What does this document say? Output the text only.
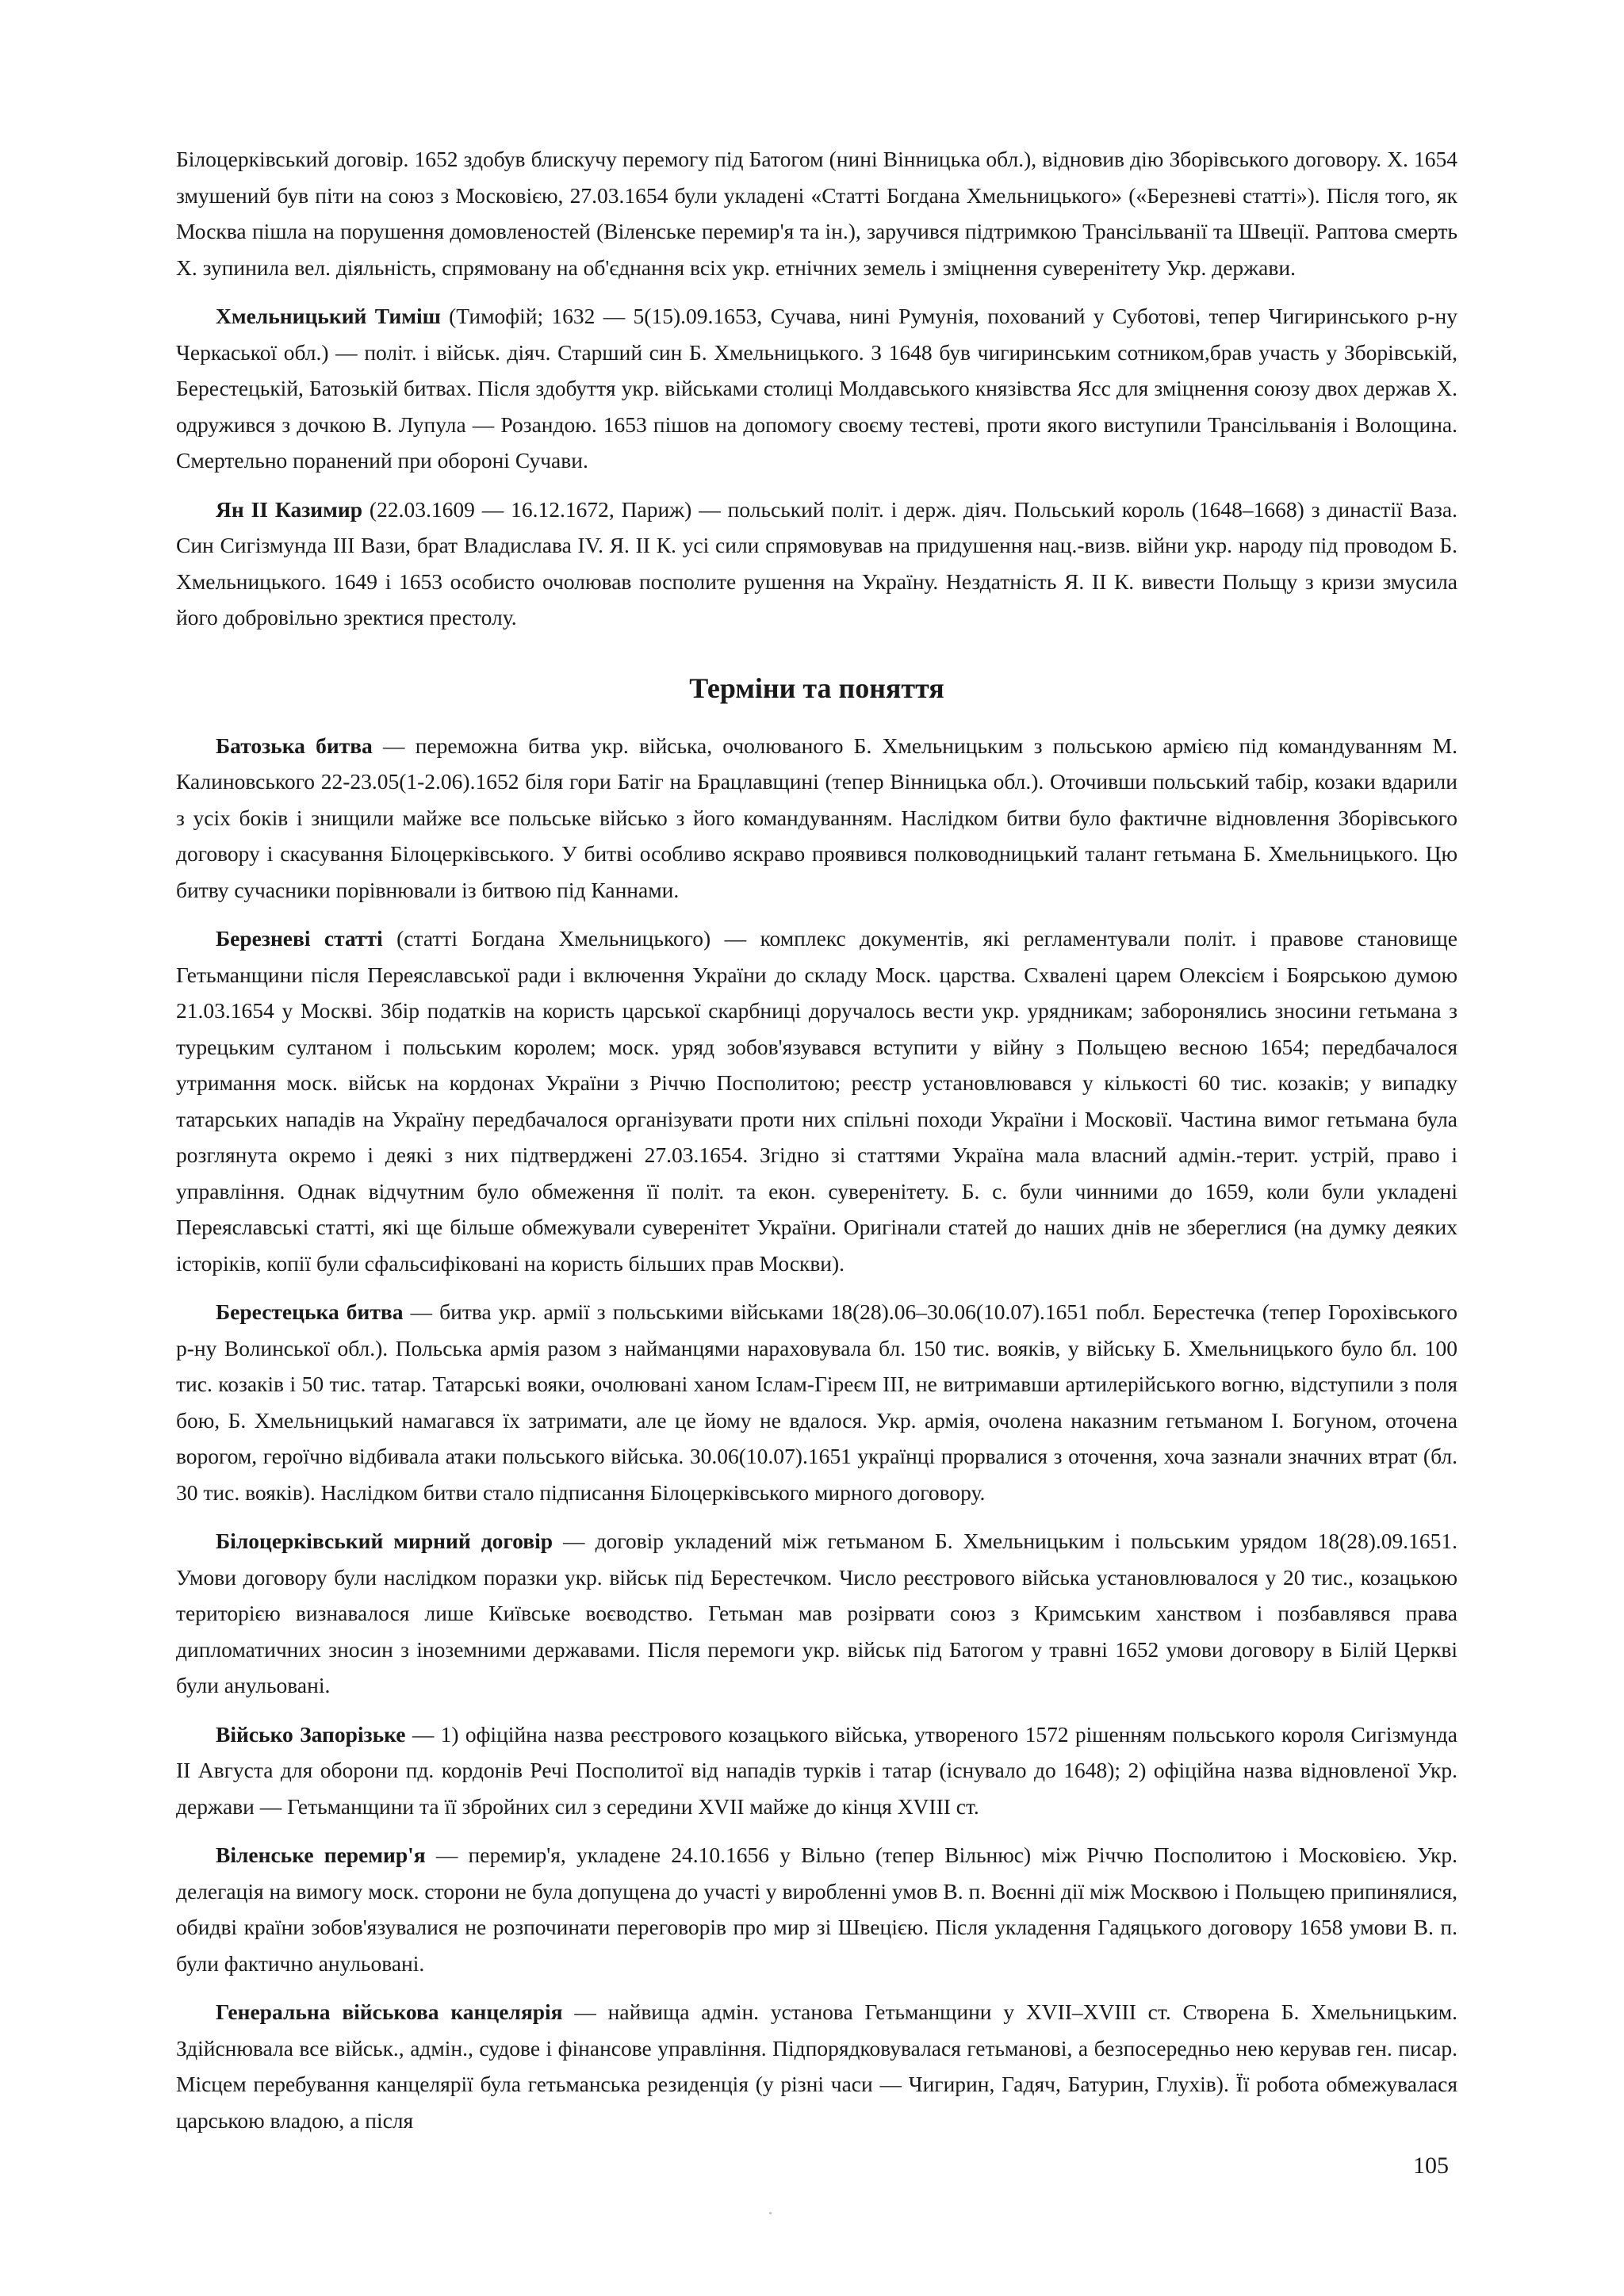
Білоцерківський договір. 1652 здобув блискучу перемогу під Батогом (нині Вінницька обл.), відновив дію Зборівського договору. Х. 1654 змушений був піти на союз з Московією, 27.03.1654 були укладені «Статті Богдана Хмельницького» («Березневі статті»). Після того, як Москва пішла на порушення домовленостей (Віленське перемир'я та ін.), заручився підтримкою Трансільванії та Швеції. Раптова смерть Х. зупинила вел. діяльність, спрямовану на об'єднання всіх укр. етнічних земель і зміцнення суверенітету Укр. держави.

Хмельницький Тиміш (Тимофій; 1632 — 5(15).09.1653, Сучава, нині Румунія, похований у Суботові, тепер Чигиринського р-ну Черкаської обл.) — політ. і військ. діяч. Старший син Б. Хмельницького. З 1648 був чигиринським сотником,брав участь у Зборівській, Берестецькій, Батозькій битвах. Після здобуття укр. військами столиці Молдавського князівства Ясс для зміцнення союзу двох держав Х. одружився з дочкою В. Лупула — Розандою. 1653 пішов на допомогу своєму тестеві, проти якого виступили Трансільванія і Волощина. Смертельно поранений при обороні Сучави.

Ян II Казимир (22.03.1609 — 16.12.1672, Париж) — польський політ. і держ. діяч. Польський король (1648–1668) з династії Ваза. Син Сигізмунда III Вази, брат Владислава IV. Я. II К. усі сили спрямовував на придушення нац.-визв. війни укр. народу під проводом Б. Хмельницького. 1649 і 1653 особисто очолював посполите рушення на Україну. Нездатність Я. II К. вивести Польщу з кризи змусила його добровільно зректися престолу.

Терміни та поняття

Батозька битва — переможна битва укр. війська, очолюваного Б. Хмельницьким з польською армією під командуванням М. Калиновського 22-23.05(1-2.06).1652 біля гори Батіг на Брацлавщині (тепер Вінницька обл.). Оточивши польський табір, козаки вдарили з усіх боків і знищили майже все польське військо з його командуванням. Наслідком битви було фактичне відновлення Зборівського договору і скасування Білоцерківського. У битві особливо яскраво проявився полководницький талант гетьмана Б. Хмельницького. Цю битву сучасники порівнювали із битвою під Каннами.

Березневі статті (статті Богдана Хмельницького) — комплекс документів, які регламентували політ. і правове становище Гетьманщини після Переяславської ради і включення України до складу Моск. царства. Схвалені царем Олексієм і Боярською думою 21.03.1654 у Москві. Збір податків на користь царської скарбниці доручалось вести укр. урядникам; заборонялись зносини гетьмана з турецьким султаном і польським королем; моск. уряд зобов'язувався вступити у війну з Польщею весною 1654; передбачалося утримання моск. військ на кордонах України з Річчю Посполитою; реєстр установлювався у кількості 60 тис. козаків; у випадку татарських нападів на Україну передбачалося організувати проти них спільні походи України і Московії. Частина вимог гетьмана була розглянута окремо і деякі з них підтверджені 27.03.1654. Згідно зі статтями Україна мала власний адмін.-терит. устрій, право і управління. Однак відчутним було обмеження її політ. та екон. суверенітету. Б. с. були чинними до 1659, коли були укладені Переяславські статті, які ще більше обмежували суверенітет України. Оригінали статей до наших днів не збереглися (на думку деяких історіків, копії були сфальсифіковані на користь більших прав Москви).

Берестецька битва — битва укр. армії з польськими військами 18(28).06–30.06(10.07).1651 побл. Берестечка (тепер Горохівського р-ну Волинської обл.). Польська армія разом з найманцями нараховувала бл. 150 тис. вояків, у війську Б. Хмельницького було бл. 100 тис. козаків і 50 тис. татар. Татарські вояки, очолювані ханом Іслам-Гіреєм III, не витримавши артилерійського вогню, відступили з поля бою, Б. Хмельницький намагався їх затримати, але це йому не вдалося. Укр. армія, очолена наказним гетьманом І. Богуном, оточена ворогом, героїчно відбивала атаки польського війська. 30.06(10.07).1651 українці прорвалися з оточення, хоча зазнали значних втрат (бл. 30 тис. вояків). Наслідком битви стало підписання Білоцерківського мирного договору.

Білоцерківський мирний договір — договір укладений між гетьманом Б. Хмельницьким і польським урядом 18(28).09.1651. Умови договору були наслідком поразки укр. військ під Берестечком. Число реєстрового війська установлювалося у 20 тис., козацькою територією визнавалося лише Київське воєводство. Гетьман мав розірвати союз з Кримським ханством і позбавлявся права дипломатичних зносин з іноземними державами. Після перемоги укр. військ під Батогом у травні 1652 умови договору в Білій Церкві були анульовані.

Військо Запорізьке — 1) офіційна назва реєстрового козацького війська, утвореного 1572 рішенням польського короля Сигізмунда II Августа для оборони пд. кордонів Речі Посполитої від нападів турків і татар (існувало до 1648); 2) офіційна назва відновленої Укр. держави — Гетьманщини та її збройних сил з середини XVII майже до кінця XVIII ст.

Віленське перемир'я — перемир'я, укладене 24.10.1656 у Вільно (тепер Вільнюс) між Річчю Посполитою і Московією. Укр. делегація на вимогу моск. сторони не була допущена до участі у виробленні умов В. п. Воєнні дії між Москвою і Польщею припинялися, обидві країни зобов'язувалися не розпочинати переговорів про мир зі Швецією. Після укладення Гадяцького договору 1658 умови В. п. були фактично анульовані.

Генеральна військова канцелярія — найвища адмін. установа Гетьманщини у XVII–XVIII ст. Створена Б. Хмельницьким. Здійснювала все військ., адмін., судове і фінансове управління. Підпорядковувалася гетьманові, а безпосередньо нею керував ген. писар. Місцем перебування канцелярії була гетьманська резиденція (у різні часи — Чигирин, Гадяч, Батурин, Глухів). Її робота обмежувалася царською владою, а після

105
